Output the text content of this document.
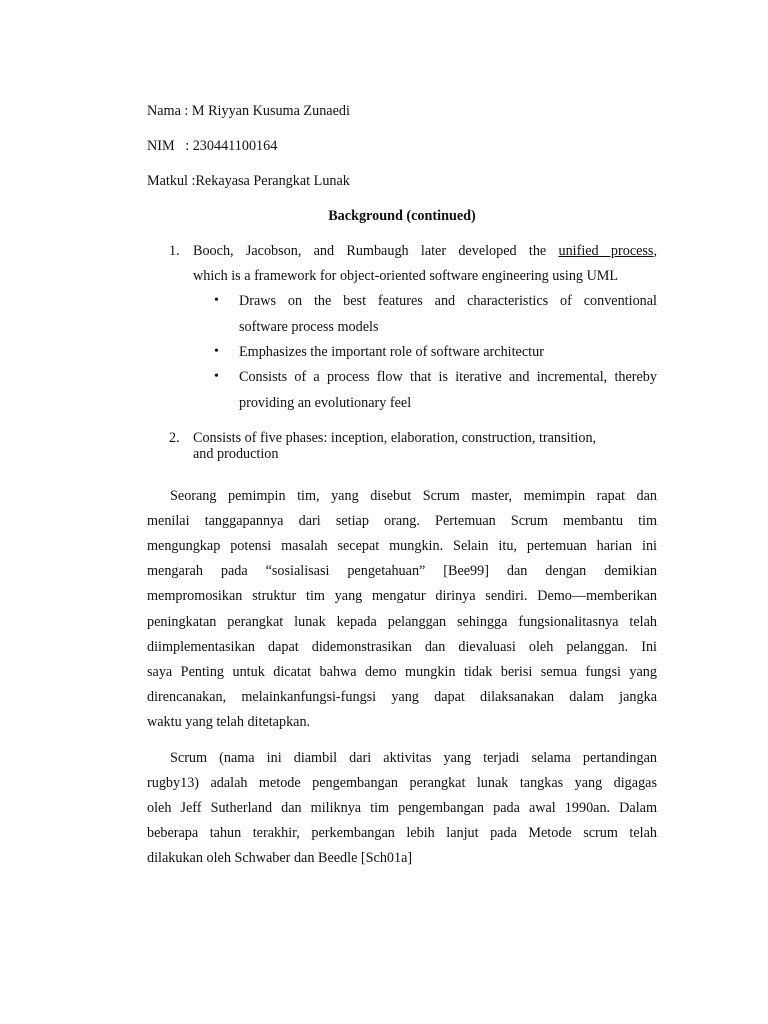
Nama : M Riyyan Kusuma Zunaedi
NIM   : 230441100164
Matkul :Rekayasa Perangkat Lunak
Background (continued)
1. Booch, Jacobson, and Rumbaugh later developed the unified process,
which is a framework for object-oriented software engineering using UML
•
Draws on the best features and characteristics of conventional
software process models
•
Emphasizes the important role of software architectur
•
Consists of a process flow that is iterative and incremental, thereby
providing an evolutionary feel
2. Consists of five phases: inception, elaboration, construction, transition,
and production
Seorang pemimpin tim, yang disebut Scrum master, memimpin rapat dan
menilai tanggapannya dari setiap orang. Pertemuan Scrum membantu tim
mengungkap potensi masalah secepat mungkin. Selain itu, pertemuan harian ini
mengarah pada “sosialisasi pengetahuan” [Bee99] dan dengan demikian
mempromosikan struktur tim yang mengatur dirinya sendiri. Demo—memberikan
peningkatan perangkat lunak kepada pelanggan sehingga fungsionalitasnya telah
diimplementasikan dapat didemonstrasikan dan dievaluasi oleh pelanggan. Ini
saya Penting untuk dicatat bahwa demo mungkin tidak berisi semua fungsi yang
direncanakan, melainkanfungsi-fungsi yang dapat dilaksanakan dalam jangka
waktu yang telah ditetapkan.
Scrum (nama ini diambil dari aktivitas yang terjadi selama pertandingan
rugby13) adalah metode pengembangan perangkat lunak tangkas yang digagas
oleh Jeff Sutherland dan miliknya tim pengembangan pada awal 1990an. Dalam
beberapa tahun terakhir, perkembangan lebih lanjut pada Metode scrum telah
dilakukan oleh Schwaber dan Beedle [Sch01a]
